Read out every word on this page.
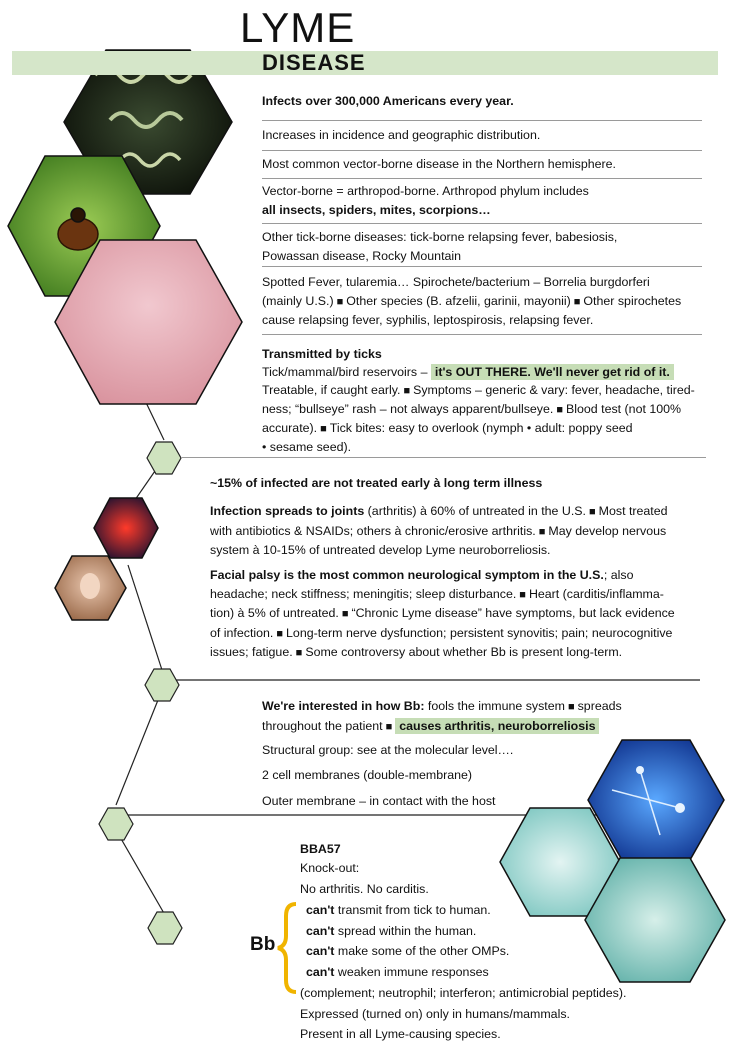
LYME
DISEASE
Infects over 300,000 Americans every year.
Increases in incidence and geographic distribution.
Most common vector-borne disease in the Northern hemisphere.
Vector-borne = arthropod-borne. Arthropod phylum includes
all insects, spiders, mites, scorpions…
Other tick-borne diseases: tick-borne relapsing fever, babesiosis,
Powassan disease, Rocky Mountain
Spotted Fever, tularemia… Spirochete/bacterium – Borrelia burgdorferi
(mainly U.S.) ■ Other species (B. afzelii, garinii, mayonii) ■ Other spirochetes
cause relapsing fever, syphilis, leptospirosis, relapsing fever.
Transmitted by ticks
Tick/mammal/bird reservoirs – it's OUT THERE. We'll never get rid of it.
Treatable, if caught early. ■ Symptoms – generic & vary: fever, headache, tired-
ness; “bullseye” rash – not always apparent/bullseye. ■ Blood test (not 100%
accurate). ■ Tick bites: easy to overlook (nymph • adult: poppy seed
• sesame seed).
~15% of infected are not treated early à long term illness
Infection spreads to joints (arthritis) à 60% of untreated in the U.S. ■ Most treated
with antibiotics & NSAIDs; others à chronic/erosive arthritis. ■ May develop nervous
system à 10-15% of untreated develop Lyme neuroborreliosis.
Facial palsy is the most common neurological symptom in the U.S.; also
headache; neck stiffness; meningitis; sleep disturbance. ■ Heart (carditis/inflamma-
tion) à 5% of untreated. ■ “Chronic Lyme disease” have symptoms, but lack evidence
of infection. ■ Long-term nerve dysfunction; persistent synovitis; pain; neurocognitive
issues; fatigue. ■ Some controversy about whether Bb is present long-term.
We're interested in how Bb: fools the immune system ■ spreads
throughout the patient ■ causes arthritis, neuroborreliosis
Structural group: see at the molecular level….
2 cell membranes (double-membrane)
Outer membrane – in contact with the host
BBA57
Knock-out:
No arthritis. No carditis.
can't transmit from tick to human.
can't spread within the human.
can't make some of the other OMPs.
can't weaken immune responses
Bb
(complement; neutrophil; interferon; antimicrobial peptides).
Expressed (turned on) only in humans/mammals.
Present in all Lyme-causing species.
